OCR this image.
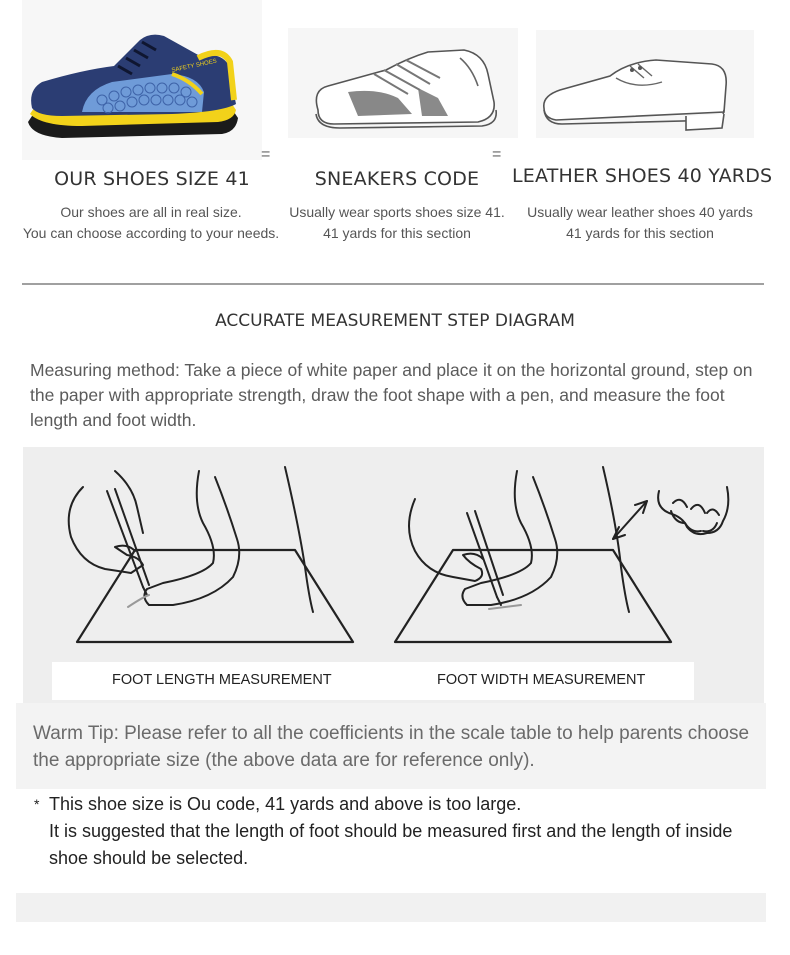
SAFETY SHOES
=	=
OUR SHOES SIZE 41	SNEAKERS CODE	LEATHER SHOES 40 YARDS
Our shoes are all in real size.
You can choose according to your needs.
Usually wear sports shoes size 41.
41 yards for this section
Usually wear leather shoes 40 yards
41 yards for this section
ACCURATE MEASUREMENT STEP DIAGRAM
Measuring method: Take a piece of white paper and place it on the horizontal ground, step on the paper with appropriate strength, draw the foot shape with a pen, and measure the foot length and foot width.
FOOT LENGTH MEASUREMENT	FOOT WIDTH MEASUREMENT
Warm Tip: Please refer to all the coefficients in the scale table to help parents choose the appropriate size (the above data are for reference only).
* This shoe size is Ou code, 41 yards and above is too large.
It is suggested that the length of foot should be measured first and the length of inside shoe should be selected.
